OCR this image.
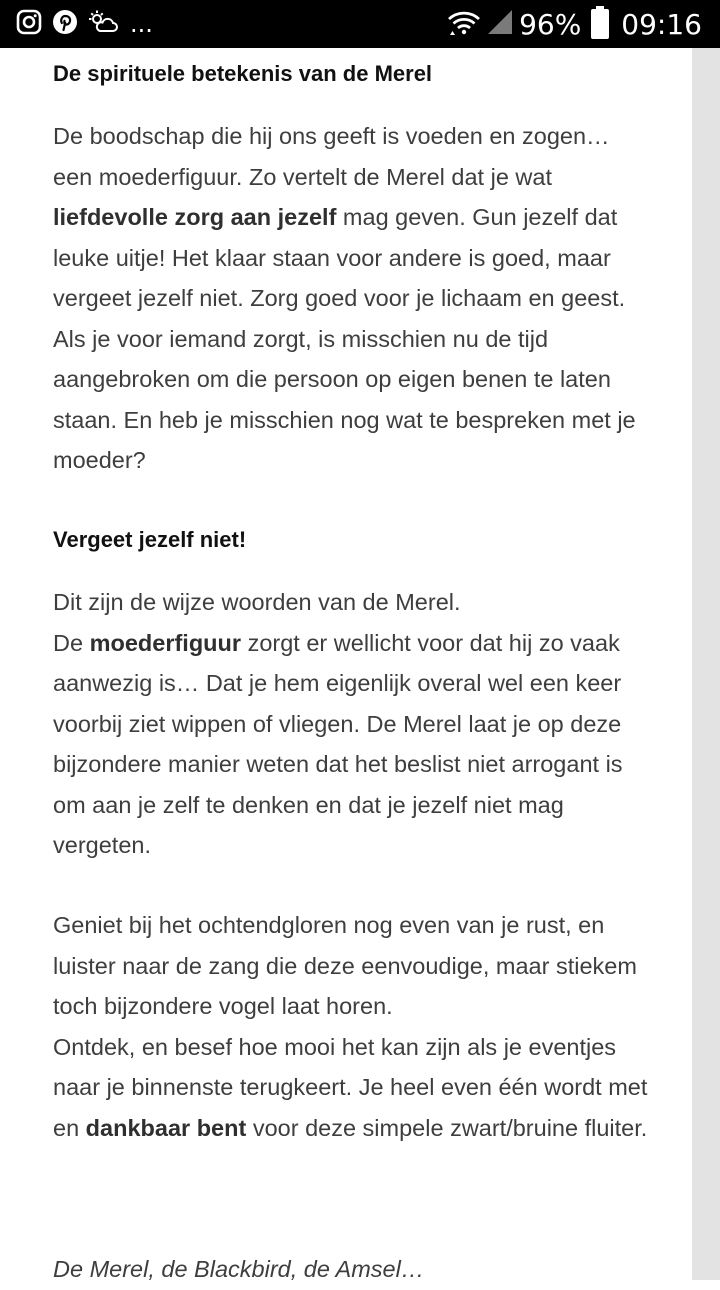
...	96% 09:16
De spirituele betekenis van de Merel

De boodschap die hij ons geeft is voeden en zogen… een moederfiguur. Zo vertelt de Merel dat je wat liefdevolle zorg aan jezelf mag geven. Gun jezelf dat leuke uitje! Het klaar staan voor andere is goed, maar vergeet jezelf niet. Zorg goed voor je lichaam en geest. Als je voor iemand zorgt, is misschien nu de tijd aangebroken om die persoon op eigen benen te laten staan. En heb je misschien nog wat te bespreken met je moeder?

Vergeet jezelf niet!

Dit zijn de wijze woorden van de Merel.
De moederfiguur zorgt er wellicht voor dat hij zo vaak aanwezig is… Dat je hem eigenlijk overal wel een keer voorbij ziet wippen of vliegen. De Merel laat je op deze bijzondere manier weten dat het beslist niet arrogant is om aan je zelf te denken en dat je jezelf niet mag vergeten.

Geniet bij het ochtendgloren nog even van je rust, en luister naar de zang die deze eenvoudige, maar stiekem toch bijzondere vogel laat horen.
Ontdek, en besef hoe mooi het kan zijn als je eventjes naar je binnenste terugkeert. Je heel even één wordt met en dankbaar bent voor deze simpele zwart/bruine fluiter.

De Merel, de Blackbird, de Amsel…
